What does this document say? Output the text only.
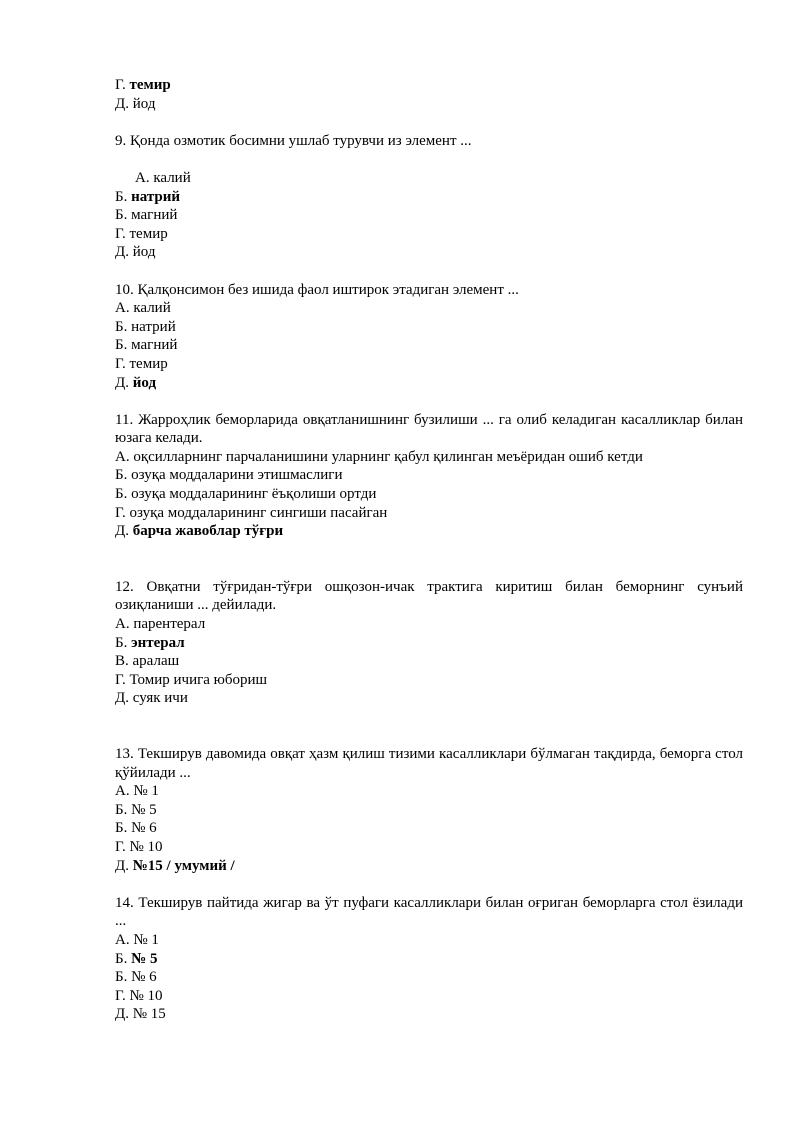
Г. темир

Д. йод

9. Қонда озмотик босимни ушлаб турувчи из элемент ...

А. калий

Б. натрий

Б. магний

Г. темир

Д. йод

10. Қалқонсимон без ишида фаол иштирок этадиган элемент ...

А. калий

Б. натрий

Б. магний

Г. темир

Д. йод

11. Жарроҳлик беморларида овқатланишнинг бузилиши ... га олиб келадиган касалликлар билан юзага келади.

А. оқсилларнинг парчаланишини уларнинг қабул қилинган меъёридан ошиб кетди

Б. озуқа моддаларини этишмаслиги

Б. озуқа моддаларининг ёъқолиши ортди

Г. озуқа моддаларининг сингиши пасайган

Д. барча жавоблар тўғри

12. Овқатни тўғридан-тўғри ошқозон-ичак трактига киритиш билан беморнинг сунъий озиқланиши ... дейилади.

А. парентерал

Б. энтерал

В. аралаш

Г. Томир ичига юбориш

Д. суяк ичи

13. Текширув давомида овқат ҳазм қилиш тизими касалликлари бўлмаган тақдирда, беморга стол қўйилади ...

А. № 1

Б. № 5

Б. № 6

Г. № 10

Д. №15 / умумий /

14. Текширув пайтида жигар ва ўт пуфаги касалликлари билан оғриган беморларга стол ёзилади ...

А. № 1

Б. № 5

Б. № 6

Г. № 10

Д. № 15
